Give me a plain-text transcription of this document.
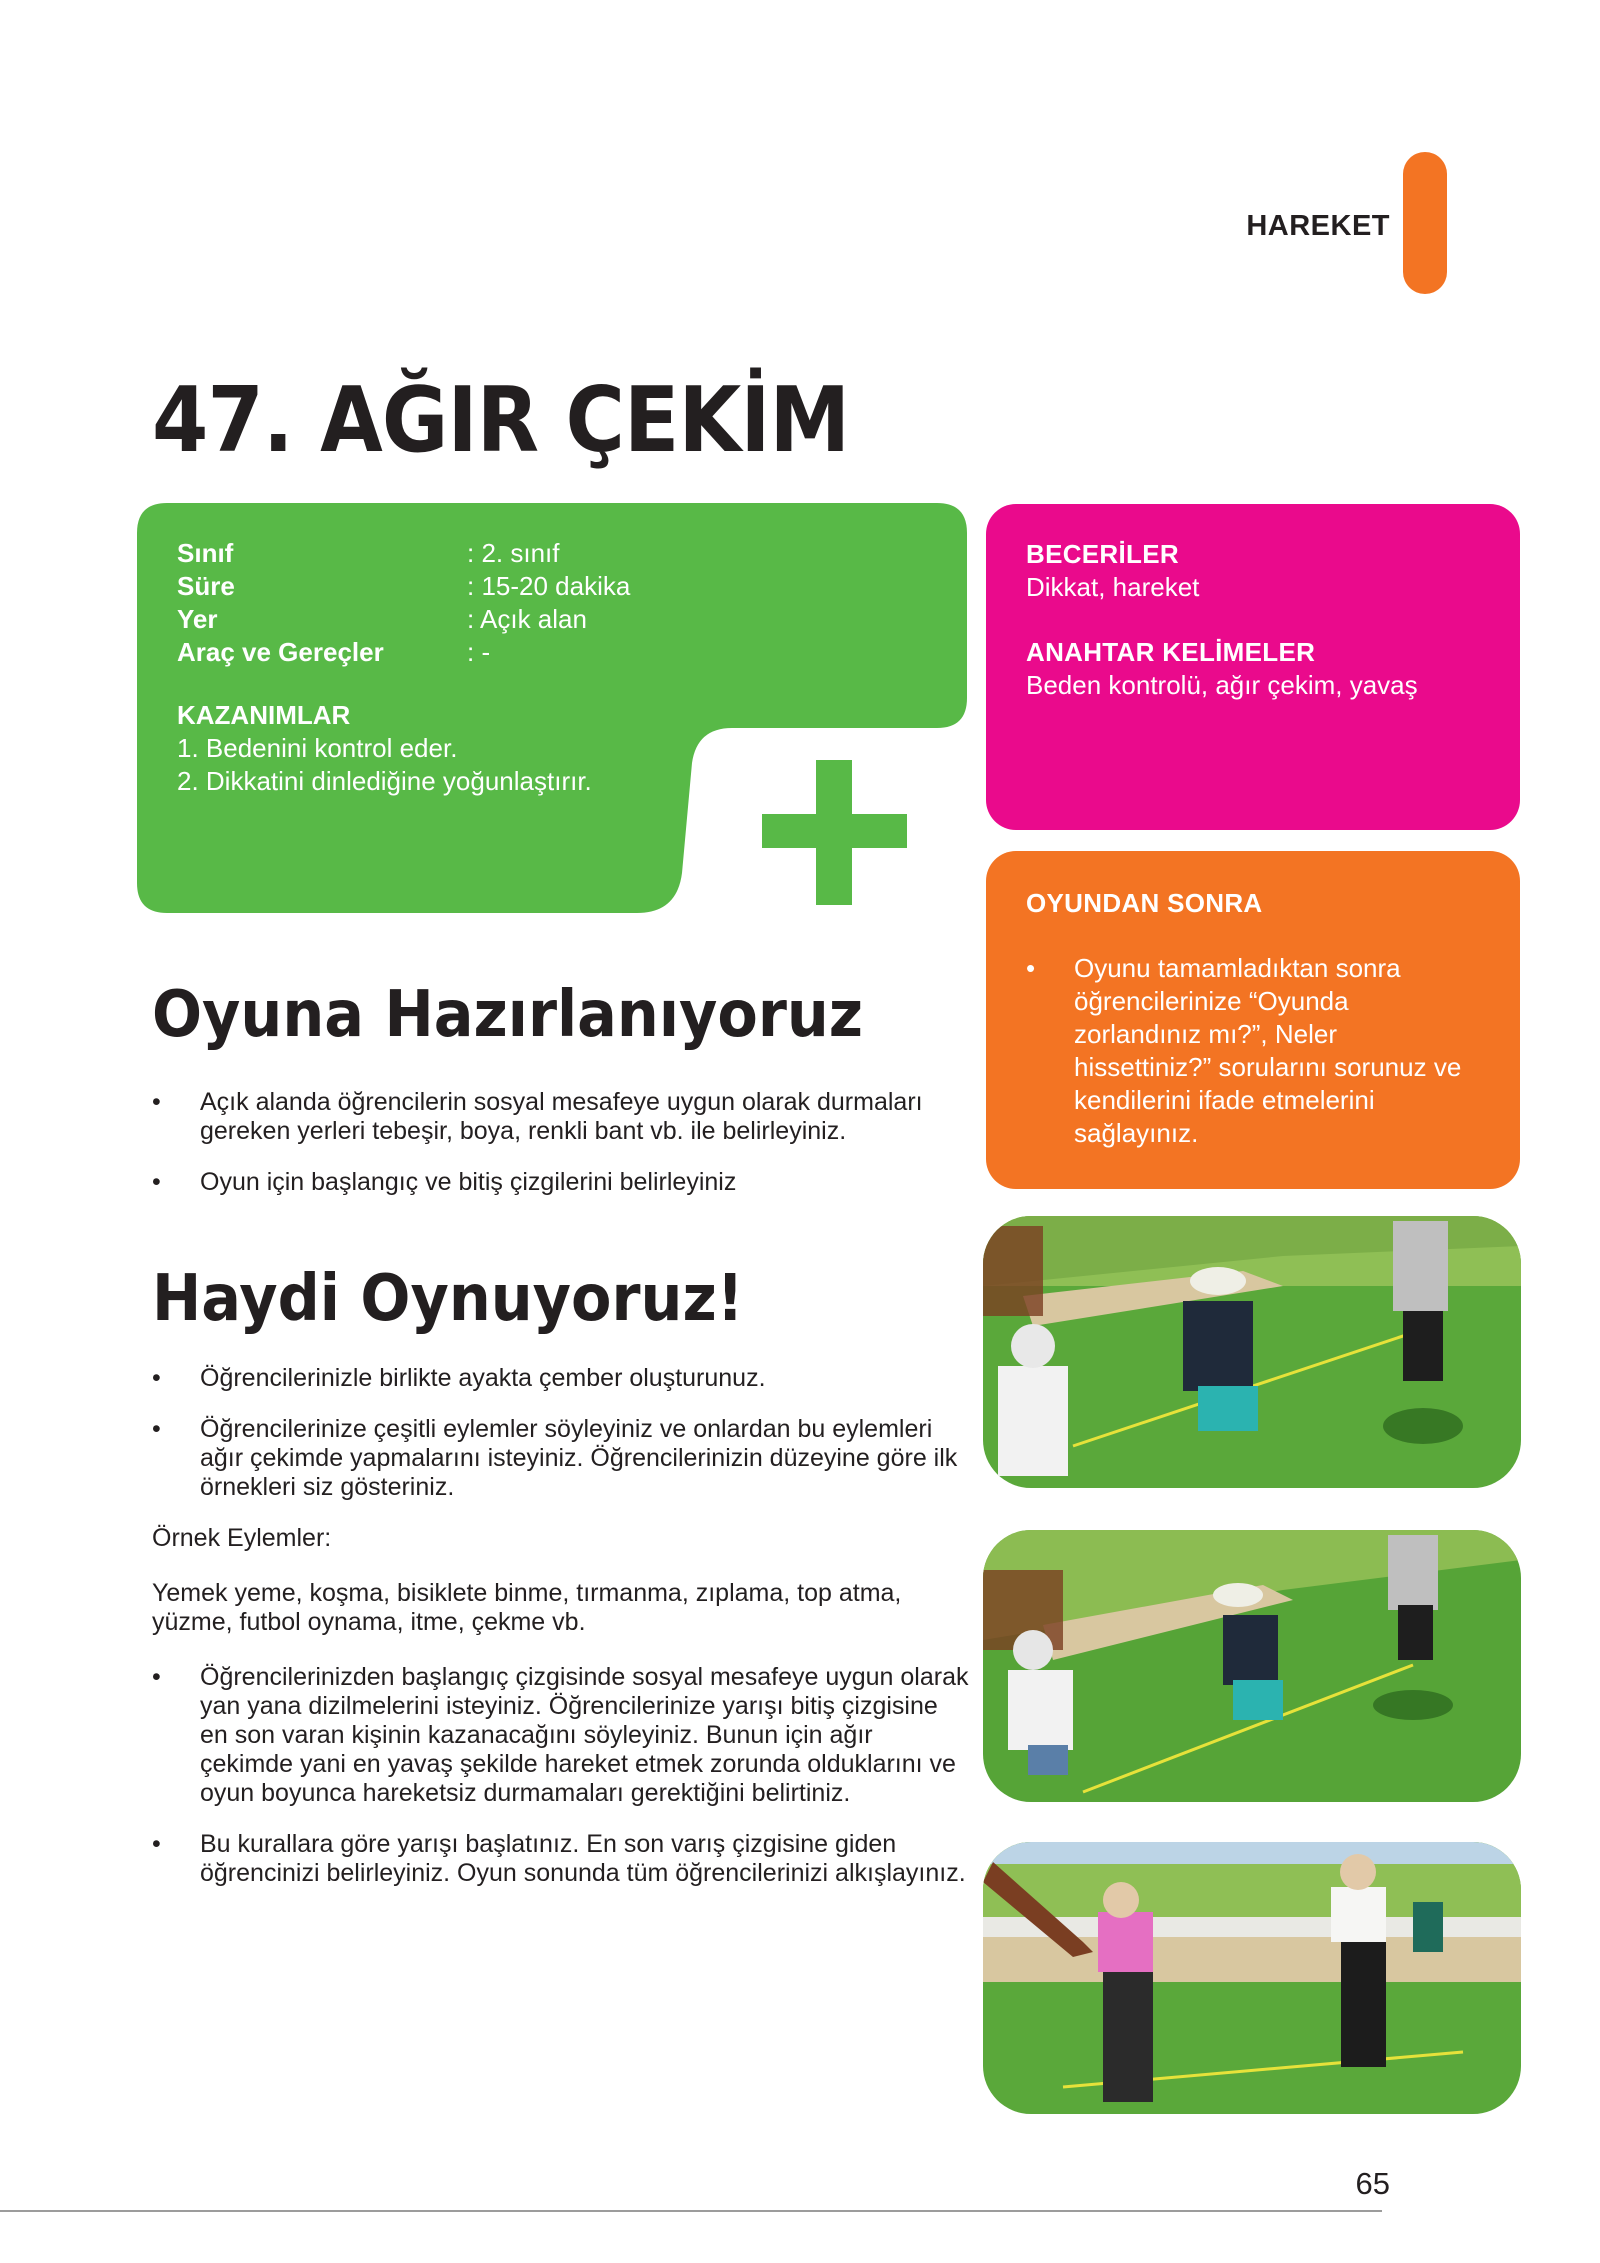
HAREKET
47. AĞIR ÇEKİM
Sınıf	: 2. sınıf
Süre	: 15-20 dakika
Yer	: Açık alan
Araç ve Gereçler	: -
KAZANIMLAR
1. Bedenini kontrol eder.
2. Dikkatini dinlediğine yoğunlaştırır.
BECERİLER
Dikkat, hareket
ANAHTAR KELİMELER
Beden kontrolü, ağır çekim, yavaş
OYUNDAN SONRA
•	Oyunu tamamladıktan sonra öğrencilerinize “Oyunda zorlandınız mı?”, Neler hissettiniz?” sorularını sorunuz ve kendilerini ifade etmelerini sağlayınız.
Oyuna Hazırlanıyoruz
•	Açık alanda öğrencilerin sosyal mesafeye uygun olarak durmaları gereken yerleri tebeşir, boya, renkli bant vb. ile belirleyiniz.
•	Oyun için başlangıç ve bitiş çizgilerini belirleyiniz
Haydi Oynuyoruz!
•	Öğrencilerinizle birlikte ayakta çember oluşturunuz.
•	Öğrencilerinize çeşitli eylemler söyleyiniz ve onlardan bu eylemleri ağır çekimde yapmalarını isteyiniz. Öğrencilerinizin düzeyine göre ilk örnekleri siz gösteriniz.
Örnek Eylemler:
Yemek yeme, koşma, bisiklete binme, tırmanma, zıplama, top atma, yüzme, futbol oynama, itme, çekme vb.
•	Öğrencilerinizden başlangıç çizgisinde sosyal mesafeye uygun olarak yan yana dizilmelerini isteyiniz. Öğrencilerinize yarışı bitiş çizgisine en son varan kişinin kazanacağını söyleyiniz. Bunun için ağır çekimde yani en yavaş şekilde hareket etmek zorunda olduklarını ve oyun boyunca hareketsiz durmamaları gerektiğini belirtiniz.
•	Bu kurallara göre yarışı başlatınız. En son varış çizgisine giden öğrencinizi belirleyiniz. Oyun sonunda tüm öğrencilerinizi alkışlayınız.
65
